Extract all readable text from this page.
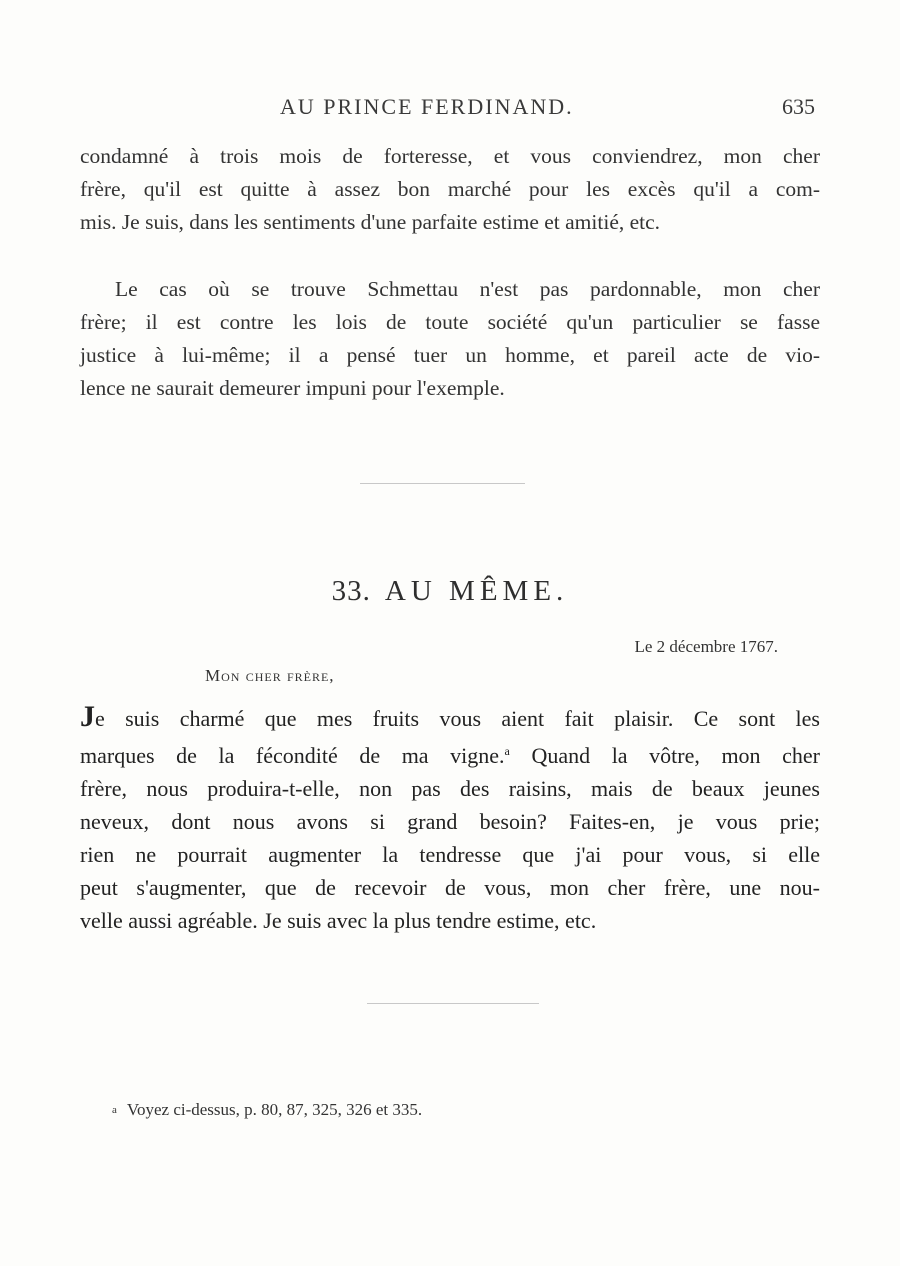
AU PRINCE FERDINAND.	635
condamné à trois mois de forteresse, et vous conviendrez, mon cher
frère, qu'il est quitte à assez bon marché pour les excès qu'il a com-
mis. Je suis, dans les sentiments d'une parfaite estime et amitié, etc.
Le cas où se trouve Schmettau n'est pas pardonnable, mon cher
frère; il est contre les lois de toute société qu'un particulier se fasse
justice à lui-même; il a pensé tuer un homme, et pareil acte de vio-
lence ne saurait demeurer impuni pour l'exemple.
33. AU MÊME.
Le 2 décembre 1767.
Mon cher frère,
Je suis charmé que mes fruits vous aient fait plaisir. Ce sont les
marques de la fécondité de ma vigne.$^a$ Quand la vôtre, mon cher
frère, nous produira-t-elle, non pas des raisins, mais de beaux jeunes
neveux, dont nous avons si grand besoin? Faites-en, je vous prie;
rien ne pourrait augmenter la tendresse que j'ai pour vous, si elle
peut s'augmenter, que de recevoir de vous, mon cher frère, une nou-
velle aussi agréable. Je suis avec la plus tendre estime, etc.
a Voyez ci-dessus, p. 80, 87, 325, 326 et 335.
